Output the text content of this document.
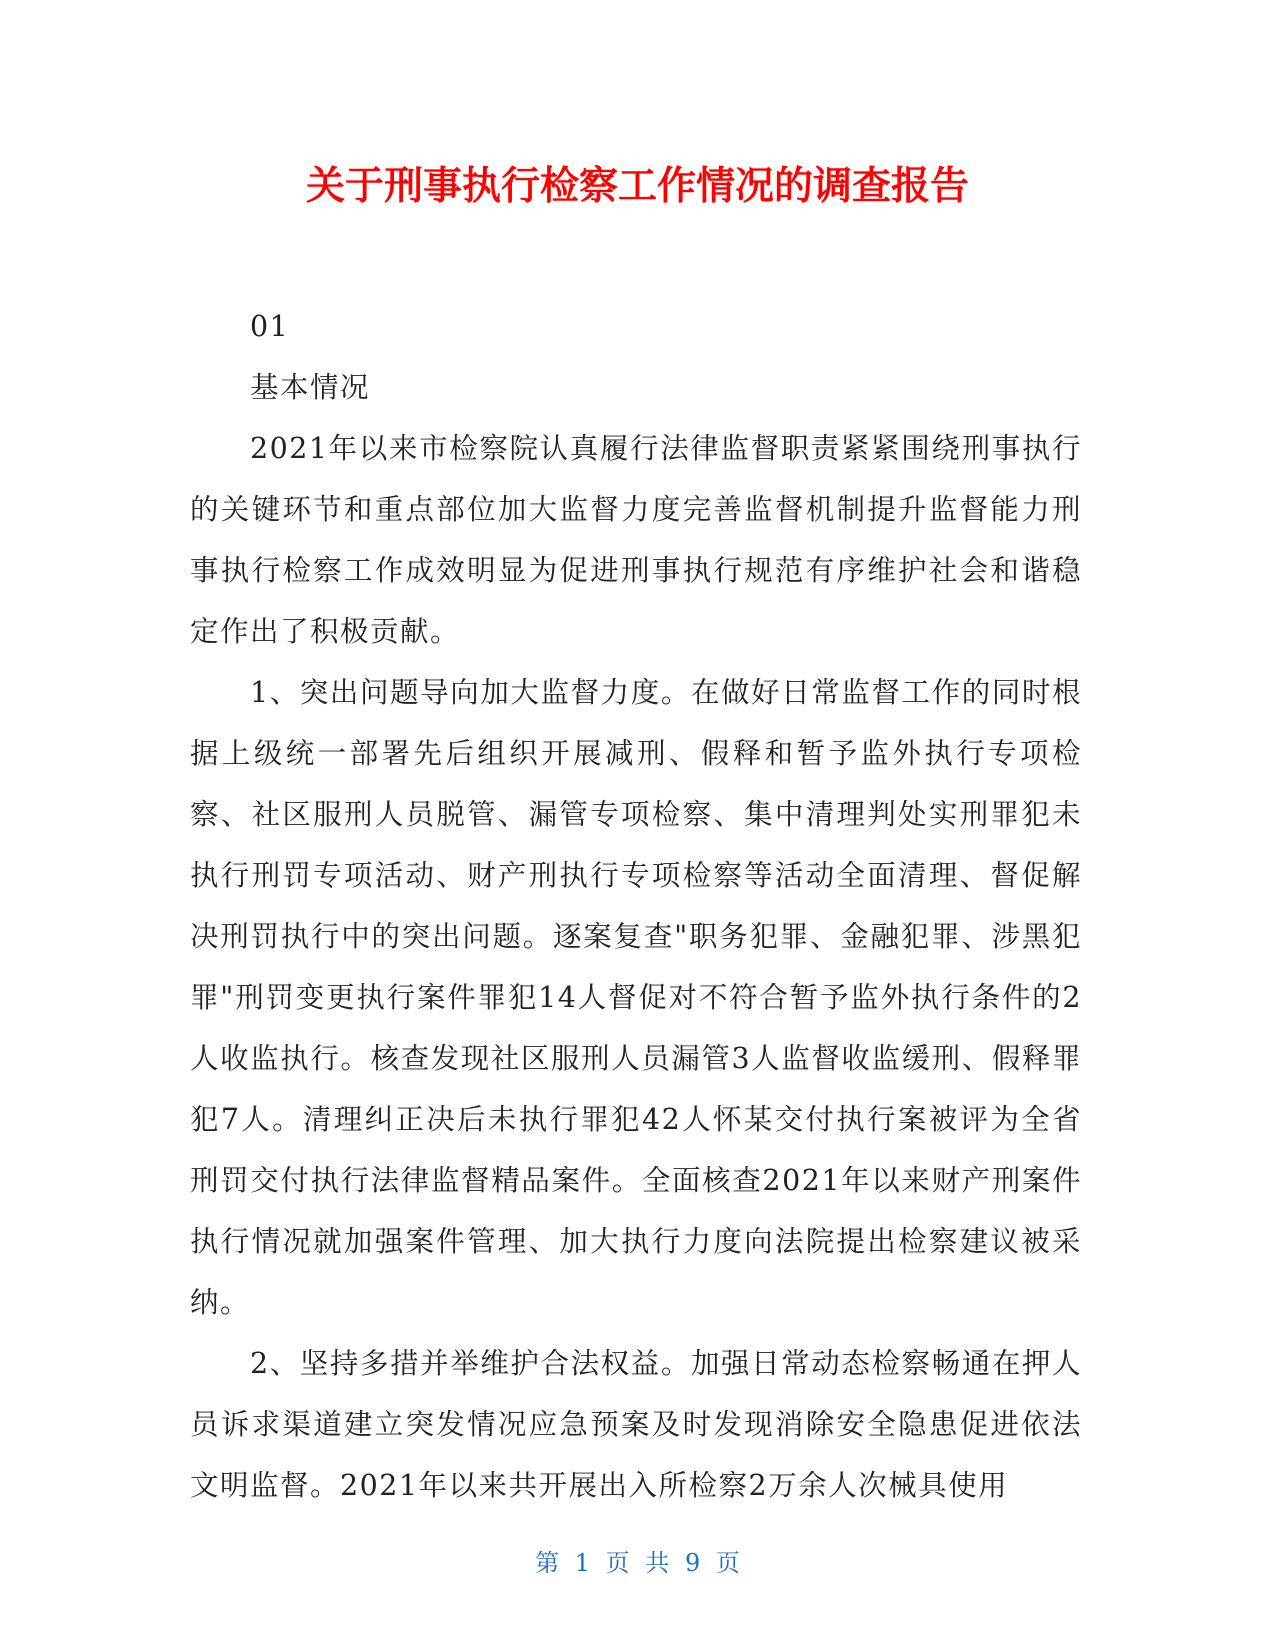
关于刑事执行检察工作情况的调查报告

01

基本情况

2021年以来市检察院认真履行法律监督职责紧紧围绕刑事执行的关键环节和重点部位加大监督力度完善监督机制提升监督能力刑事执行检察工作成效明显为促进刑事执行规范有序维护社会和谐稳定作出了积极贡献。

1、突出问题导向加大监督力度。在做好日常监督工作的同时根据上级统一部署先后组织开展减刑、假释和暂予监外执行专项检察、社区服刑人员脱管、漏管专项检察、集中清理判处实刑罪犯未执行刑罚专项活动、财产刑执行专项检察等活动全面清理、督促解决刑罚执行中的突出问题。逐案复查"职务犯罪、金融犯罪、涉黑犯罪"刑罚变更执行案件罪犯14人督促对不符合暂予监外执行条件的2人收监执行。核查发现社区服刑人员漏管3人监督收监缓刑、假释罪犯7人。清理纠正决后未执行罪犯42人怀某交付执行案被评为全省刑罚交付执行法律监督精品案件。全面核查2021年以来财产刑案件执行情况就加强案件管理、加大执行力度向法院提出检察建议被采纳。

2、坚持多措并举维护合法权益。加强日常动态检察畅通在押人员诉求渠道建立突发情况应急预案及时发现消除安全隐患促进依法文明监督。2021年以来共开展出入所检察2万余人次械具使用

第 1 页 共 9 页
